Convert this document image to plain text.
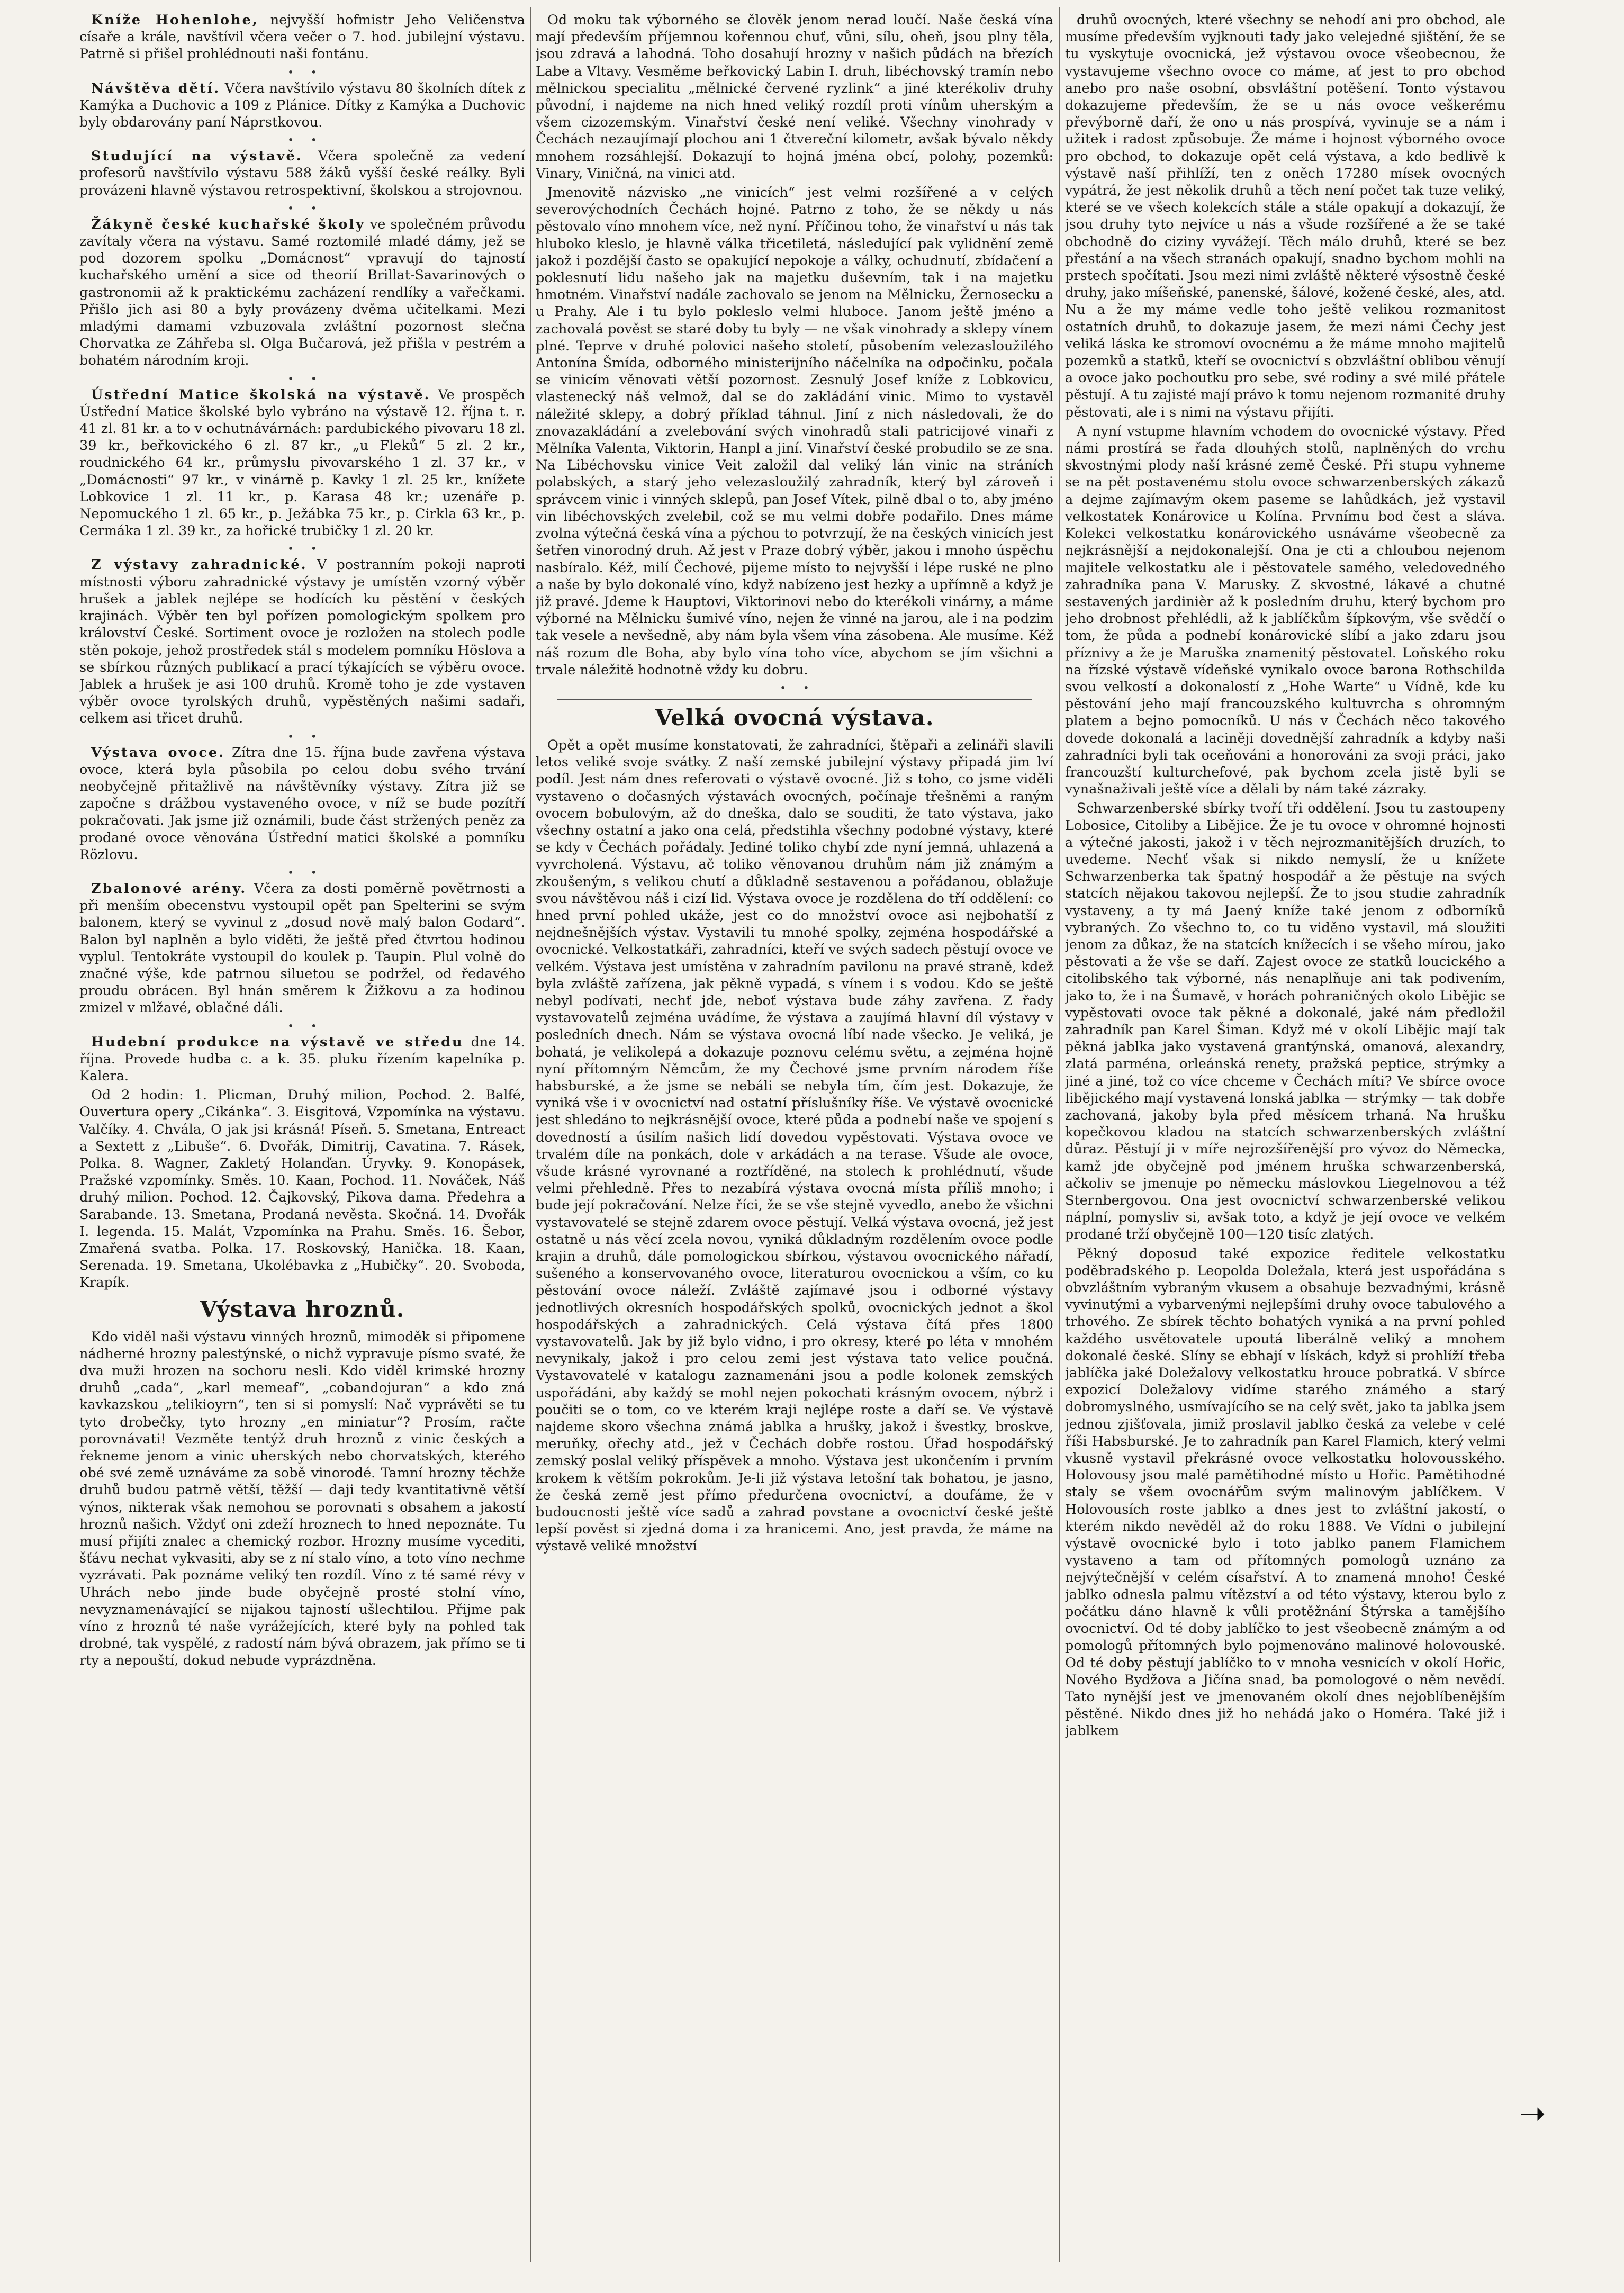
Kníže Hohenlohe, nejvyšší hofmistr Jeho Veličenstva císaře a krále, navštívil včera večer o 7. hod. jubilejní výstavu. Patrně si přišel prohlédnouti naši fontánu.

•     •

Návštěva dětí. Včera navštívilo výstavu 80 školních dítek z Kamýka a Duchovic a 109 z Plánice. Dítky z Kamýka a Duchovic byly obdarovány paní Náprstkovou.

•     •

Studující na výstavě. Včera společně za vedení profesorů navštívilo výstavu 588 žáků vyšší české reálky. Byli provázeni hlavně výstavou retrospektivní, školskou a strojovnou.

•     •

Žákyně české kuchařské školy ve společném průvodu zavítaly včera na výstavu. Samé roztomilé mladé dámy, jež se pod dozorem spolku „Domácnost“ vpravují do tajností kuchařského umění a sice od theorií Brillat-Savarinových o gastronomii až k praktickému zacházení rendlíky a vařečkami. Přišlo jich asi 80 a byly provázeny dvěma učitelkami. Mezi mladými damami vzbuzovala zvláštní pozornost slečna Chorvatka ze Záhřeba sl. Olga Bučarová, jež přišla v pestrém a bohatém národním kroji.

•     •

Ústřední Matice školská na výstavě. Ve prospěch Ústřední Matice školské bylo vybráno na výstavě 12. října t. r. 41 zl. 81 kr. a to v ochutnávárnách: pardubického pivovaru 18 zl. 39 kr., beřkovického 6 zl. 87 kr., „u Fleků“ 5 zl. 2 kr., roudnického 64 kr., průmyslu pivovarského 1 zl. 37 kr., v „Domácnosti“ 97 kr., v vinárně p. Kavky 1 zl. 25 kr., knížete Lobkovice 1 zl. 11 kr., p. Karasa 48 kr.; uzenáře p. Nepomuckého 1 zl. 65 kr., p. Ježábka 75 kr., p. Cirkla 63 kr., p. Cermáka 1 zl. 39 kr., za hořické trubičky 1 zl. 20 kr.

•     •

Z výstavy zahradnické. V postranním pokoji naproti místnosti výboru zahradnické výstavy je umístěn vzorný výběr hrušek a jablek nejlépe se hodících ku pěstění v českých krajinách. Výběr ten byl pořízen pomologickým spolkem pro království České. Sortiment ovoce je rozložen na stolech podle stěn pokoje, jehož prostředek stál s modelem pomníku Höslova a se sbírkou různých publikací a prací týkajících se výběru ovoce. Jablek a hrušek je asi 100 druhů. Kromě toho je zde vystaven výběr ovoce tyrolských druhů, vypěstěných našimi sadaři, celkem asi třicet druhů.

•     •

Výstava ovoce. Zítra dne 15. října bude zavřena výstava ovoce, která byla působila po celou dobu svého trvání neobyčejně přitažlivě na návštěvníky výstavy. Zítra již se započne s drážbou vystaveného ovoce, v níž se bude pozítří pokračovati. Jak jsme již oznámili, bude část stržených peněz za prodané ovoce věnována Ústřední matici školské a pomníku Rözlovu.

•     •

Zbalonové arény. Včera za dosti poměrně povětrnosti a při menším obecenstvu vystoupil opět pan Spelterini se svým balonem, který se vyvinul z „dosud nově malý balon Godard“. Balon byl naplněn a bylo viděti, že ještě před čtvrtou hodinou vyplul. Tentokráte vystoupil do koulek p. Taupin. Plul volně do značné výše, kde patrnou siluetou se podržel, od ředavého proudu obrácen. Byl hnán směrem k Žižkovu a za hodinou zmizel v mlžavé, oblačné dáli.

•     •

Hudební produkce na výstavě ve středu dne 14. října. Provede hudba c. a k. 35. pluku řízením kapelníka p. Kalera.

Od 2 hodin: 1. Plicman, Druhý milion, Pochod. 2. Balfé, Ouvertura opery „Cikánka“. 3. Eisgitová, Vzpomínka na výstavu. Valčíky. 4. Chvála, O jak jsi krásná! Píseň. 5. Smetana, Entreact a Sextett z „Libuše“. 6. Dvořák, Dimitrij, Cavatina. 7. Rásek, Polka. 8. Wagner, Zakletý Holanďan. Úryvky. 9. Konopásek, Pražské vzpomínky. Směs. 10. Kaan, Pochod. 11. Nováček, Náš druhý milion. Pochod. 12. Čajkovský, Pikova dama. Předehra a Sarabande. 13. Smetana, Prodaná nevěsta. Skočná. 14. Dvořák I. legenda. 15. Malát, Vzpomínka na Prahu. Směs. 16. Šebor, Zmařená svatba. Polka. 17. Roskovský, Hanička. 18. Kaan, Serenada. 19. Smetana, Ukolébavka z „Hubičky“. 20. Svoboda, Krapík.

Výstava hroznů.

Kdo viděl naši výstavu vinných hroznů, mimoděk si připomene nádherné hrozny palestýnské, o nichž vypravuje písmo svaté, že dva muži hrozen na sochoru nesli. Kdo viděl krimské hrozny druhů „cada“, „karl memeaf“, „cobandojuran“ a kdo zná kavkazskou „telikioyrn“, ten si si pomyslí: Nač vyprávěti se tu tyto drobečky, tyto hrozny „en miniatur“? Prosím, račte porovnávati! Vezměte tentýž druh hroznů z vinic českých a řekneme jenom a vinic uherských nebo chorvatských, kterého obé své země uznáváme za sobě vinorodé. Tamní hrozny těchže druhů budou patrně větší, těžší — daji tedy kvantitativně větší výnos, nikterak však nemohou se porovnati s obsahem a jakostí hroznů našich. Vždyť oni zdeží hroznech to hned nepoznáte. Tu musí přijíti znalec a chemický rozbor. Hrozny musíme vycediti, šťávu nechat vykvasiti, aby se z ní stalo víno, a toto víno nechme vyzrávati. Pak poznáme veliký ten rozdíl. Víno z té samé révy v Uhrách nebo jinde bude obyčejně prosté stolní víno, nevyznamenávající se nijakou tajností ušlechtilou. Přijme pak víno z hroznů té naše vyrážejících, které byly na pohled tak drobné, tak vyspělé, z radostí nám bývá obrazem, jak přímo se ti rty a nepouští, dokud nebude vyprázdněna.

Od moku tak výborného se člověk jenom nerad loučí. Naše česká vína mají především příjemnou kořennou chuť, vůni, sílu, oheň, jsou plny těla, jsou zdravá a lahodná. Toho dosahují hrozny v našich půdách na březích Labe a Vltavy. Vesměme beřkovický Labin I. druh, libéchovský tramín nebo mělnickou specialitu „mělnické červené ryzlink“ a jiné kterékoliv druhy původní, i najdeme na nich hned veliký rozdíl proti vínům uherským a všem cizozemským. Vinařství české není veliké. Všechny vinohrady v Čechách nezaujímají plochou ani 1 čtvereční kilometr, avšak bývalo někdy mnohem rozsáhlejší. Dokazují to hojná jména obcí, polohy, pozemků: Vinary, Viničná, na vinici atd.

Jmenovitě názvisko „ne vinicích“ jest velmi rozšířené a v celých severovýchodních Čechách hojné. Patrno z toho, že se někdy u nás pěstovalo víno mnohem více, než nyní. Příčinou toho, že vinařství u nás tak hluboko kleslo, je hlavně válka třicetiletá, následující pak vylidnění země jakož i pozdější často se opakující nepokoje a války, ochudnutí, zbídačení a poklesnutí lidu našeho jak na majetku duševním, tak i na majetku hmotném. Vinařství nadále zachovalo se jenom na Mělnicku, Žernosecku a u Prahy. Ale i tu bylo pokleslo velmi hluboce. Janom ještě jméno a zachovalá pověst se staré doby tu byly — ne však vinohrady a sklepy vínem plné. Teprve v druhé polovici našeho století, působením velezasloužilého Antonína Šmída, odborného ministerijního náčelníka na odpočinku, počala se vinicím věnovati větší pozornost. Zesnulý Josef kníže z Lobkovicu, vlastenecký náš velmož, dal se do zakládání vinic. Mimo to vystavěl náležité sklepy, a dobrý příklad táhnul. Jiní z nich následovali, že do znovazakládání a zvelebování svých vinohradů stali patricijové vinaři z Mělníka Valenta, Viktorin, Hanpl a jiní. Vinařství české probudilo se ze sna. Na Libéchovsku vinice Veit založil dal veliký lán vinic na stráních polabských, a starý jeho velezasloužilý zahradník, který byl zároveň i správcem vinic i vinných sklepů, pan Josef Vítek, pilně dbal o to, aby jméno vin libéchovských zvelebil, což se mu velmi dobře podařilo. Dnes máme zvolna výtečná česká vína a pýchou to potvrzují, že na českých vinicích jest šetřen vinorodný druh. Až jest v Praze dobrý výběr, jakou i mnoho úspěchu nasbíralo. Kéž, milí Čechové, pijeme místo to nejvyšší i lépe ruské ne plno a naše by bylo dokonalé víno, když nabízeno jest hezky a upřímně a když je již pravé. Jdeme k Hauptovi, Viktorinovi nebo do kterékoli vinárny, a máme výborné na Mělnicku šumivé víno, nejen že vinné na jarou, ale i na podzim tak vesele a nevšedně, aby nám byla všem vína zásobena. Ale musíme. Kéž náš rozum dle Boha, aby bylo vína toho více, abychom se jím všichni a trvale náležitě hodnotně vždy ku dobru.

•     •
Velká ovocná výstava.

Opět a opět musíme konstatovati, že zahradníci, štěpaři a zelináři slavili letos veliké svoje svátky. Z naší zemské jubilejní výstavy připadá jim lví podíl. Jest nám dnes referovati o výstavě ovocné. Již s toho, co jsme viděli vystaveno o dočasných výstavách ovocných, počínaje třešněmi a raným ovocem bobulovým, až do dneška, dalo se souditi, že tato výstava, jako všechny ostatní a jako ona celá, předstihla všechny podobné výstavy, které se kdy v Čechách pořádaly. Jediné toliko chybí zde nyní jemná, uhlazená a vyvrcholená. Výstavu, ač toliko věnovanou druhům nám již známým a zkoušeným, s velikou chutí a důkladně sestavenou a pořádanou, oblažuje svou návštěvou náš i cizí lid. Výstava ovoce je rozdělena do tří oddělení: co hned první pohled ukáže, jest co do množství ovoce asi nejbohatší z nejdnešnějších výstav. Vystavili tu mnohé spolky, zejména hospodářské a ovocnické. Velkostatkáři, zahradníci, kteří ve svých sadech pěstují ovoce ve velkém. Výstava jest umístěna v zahradním pavilonu na pravé straně, kdež byla zvláště zařízena, jak pěkně vypadá, s vínem i s vodou. Kdo se ještě nebyl podívati, nechť jde, neboť výstava bude záhy zavřena. Z řady vystavovatelů zejména uvádíme, že výstava a zaujímá hlavní díl výstavy v posledních dnech. Nám se výstava ovocná líbí nade všecko. Je veliká, je bohatá, je velikolepá a dokazuje poznovu celému světu, a zejména hojně nyní přítomným Němcům, že my Čechové jsme prvním národem říše habsburské, a že jsme se nebáli se nebyla tím, čím jest. Dokazuje, že vyniká vše i v ovocnictví nad ostatní příslušníky říše. Ve výstavě ovocnické jest shledáno to nejkrásnější ovoce, které půda a podnebí naše ve spojení s dovedností a úsilím našich lidí dovedou vypěstovati. Výstava ovoce ve trvalém díle na ponkách, dole v arkádách a na terase. Všude ale ovoce, všude krásné vyrovnané a roztříděné, na stolech k prohlédnutí, všude velmi přehledně. Přes to nezabírá výstava ovocná místa příliš mnoho; i bude její pokračování. Nelze říci, že se vše stejně vyvedlo, anebo že všichni vystavovatelé se stejně zdarem ovoce pěstují. Velká výstava ovocná, jež jest ostatně u nás věcí zcela novou, vyniká důkladným rozdělením ovoce podle krajin a druhů, dále pomologickou sbírkou, výstavou ovocnického nářadí, sušeného a konservovaného ovoce, literaturou ovocnickou a vším, co ku pěstování ovoce náleží. Zvláště zajímavé jsou i odborné výstavy jednotlivých okresních hospodářských spolků, ovocnických jednot a škol hospodářských a zahradnických. Celá výstava čítá přes 1800 vystavovatelů. Jak by již bylo vidno, i pro okresy, které po léta v mnohém nevynikaly, jakož i pro celou zemi jest výstava tato velice poučná. Vystavovatelé v katalogu zaznamenáni jsou a podle kolonek zemských uspořádáni, aby každý se mohl nejen pokochati krásným ovocem, nýbrž i poučiti se o tom, co ve kterém kraji nejlépe roste a daří se. Ve výstavě najdeme skoro všechna známá jablka a hrušky, jakož i švestky, broskve, meruňky, ořechy atd., jež v Čechách dobře rostou. Úřad hospodářský zemský poslal veliký příspěvek a mnoho. Výstava jest ukončením i prvním krokem k větším pokrokům. Je-li již výstava letošní tak bohatou, je jasno, že česká země jest přímo předurčena ovocnictví, a doufáme, že v budoucnosti ještě více sadů a zahrad povstane a ovocnictví české ještě lepší pověst si zjedná doma i za hranicemi. Ano, jest pravda, že máme na výstavě veliké množství

druhů ovocných, které všechny se nehodí ani pro obchod, ale musíme především vyjknouti tady jako velejedné sjištění, že se tu vyskytuje ovocnická, jež výstavou ovoce všeobecnou, že vystavujeme všechno ovoce co máme, ať jest to pro obchod anebo pro naše osobní, obsvláštní potěšení. Tonto výstavou dokazujeme především, že se u nás ovoce veškerému převýborně daří, že ono u nás prospívá, vyvinuje se a nám i užitek i radost způsobuje. Že máme i hojnost výborného ovoce pro obchod, to dokazuje opět celá výstava, a kdo bedlivě k výstavě naší přihlíží, ten z oněch 17280 mísek ovocných vypátrá, že jest několik druhů a těch není počet tak tuze veliký, které se ve všech kolekcích stále a stále opakují a dokazují, že jsou druhy tyto nejvíce u nás a všude rozšířené a že se také obchodně do ciziny vyvážejí. Těch málo druhů, které se bez přestání a na všech stranách opakují, snadno bychom mohli na prstech spočítati. Jsou mezi nimi zvláště některé výsostně české druhy, jako míšeňské, panenské, šálové, kožené české, ales, atd. Nu a že my máme vedle toho ještě velikou rozmanitost ostatních druhů, to dokazuje jasem, že mezi námi Čechy jest veliká láska ke stromoví ovocnému a že máme mnoho majitelů pozemků a statků, kteří se ovocnictví s obzvláštní oblibou věnují a ovoce jako pochoutku pro sebe, své rodiny a své milé přátele pěstují. A tu zajisté mají právo k tomu nejenom rozmanité druhy pěstovati, ale i s nimi na výstavu přijíti.

A nyní vstupme hlavním vchodem do ovocnické výstavy. Před námi prostírá se řada dlouhých stolů, naplněných do vrchu skvostnými plody naší krásné země České. Při stupu vyhneme se na pět postavenému stolu ovoce schwarzenberských zákazů a dejme zajímavým okem paseme se lahůdkách, jež vystavil velkostatek Konárovice u Kolína. Prvnímu bod čest a sláva. Kolekci velkostatku konárovického usnáváme všeobecně za nejkrásnější a nejdokonalejší. Ona je cti a chloubou nejenom majitele velkostatku ale i pěstovatele samého, veledovedného zahradníka pana V. Marusky. Z skvostné, lákavé a chutné sestavených jardinièr až k posledním druhu, který bychom pro jeho drobnost přehlédli, až k jablíčkům šípkovým, vše svědčí o tom, že půda a podnebí konárovické slíbí a jako zdaru jsou příznivy a že je Maruška znamenitý pěstovatel. Loňského roku na řízské výstavě vídeňské vynikalo ovoce barona Rothschilda svou velkostí a dokonalostí z „Hohe Warte“ u Vídně, kde ku pěstování jeho mají francouzského kultuvrcha s ohromným platem a bejno pomocníků. U nás v Čechách něco takového dovede dokonalá a laciněji dovednější zahradník a kdyby naši zahradníci byli tak oceňováni a honorováni za svoji práci, jako francouzští kulturchefové, pak bychom zcela jistě byli se vynašnaživali ještě více a dělali by nám také zázraky.

Schwarzenberské sbírky tvoří tři oddělení. Jsou tu zastoupeny Lobosice, Citoliby a Libějice. Že je tu ovoce v ohromné hojnosti a výtečné jakosti, jakož i v těch nejrozmanitějších druzích, to uvedeme. Nechť však si nikdo nemyslí, že u knížete Schwarzenberka tak špatný hospodář a že pěstuje na svých statcích nějakou takovou nejlepší. Že to jsou studie zahradník vystaveny, a ty má Jaený kníže také jenom z odborníků vybraných. Zo všechno to, co tu viděno vystavil, má sloužiti jenom za důkaz, že na statcích knížecích i se všeho mírou, jako pěstovati a že vše se daří. Zajest ovoce ze statků loucického a citolibského tak výborné, nás nenaplňuje ani tak podivením, jako to, že i na Šumavě, v horách pohraničných okolo Libějic se vypěstovati ovoce tak pěkné a dokonalé, jaké nám předložil zahradník pan Karel Šiman. Když mé v okolí Libějic mají tak pěkná jablka jako vystavená grantýnská, omanová, alexandry, zlatá parména, orleánská renety, pražská peptice, strýmky a jiné a jiné, tož co více chceme v Čechách míti? Ve sbírce ovoce libějického mají vystavená lonská jablka — strýmky — tak dobře zachovaná, jakoby byla před měsícem trhaná. Na hrušku kopečkovou kladou na statcích schwarzenberských zvláštní důraz. Pěstují ji v míře nejrozšířenější pro vývoz do Německa, kamž jde obyčejně pod jménem hruška schwarzenberská, ačkoliv se jmenuje po německu máslovkou Liegelnovou a též Sternbergovou. Ona jest ovocnictví schwarzenberské velikou náplní, pomysliv si, avšak toto, a když je její ovoce ve velkém prodané trží obyčejně 100—120 tisíc zlatých.

Pěkný doposud také expozice ředitele velkostatku poděbradského p. Leopolda Doležala, která jest uspořádána s obvzláštním vybraným vkusem a obsahuje bezvadnými, krásně vyvinutými a vybarvenými nejlepšími druhy ovoce tabulového a trhového. Ze sbírek těchto bohatých vyniká a na první pohled každého usvětovatele upoutá liberálně veliký a mnohem dokonalé české. Slíny se ebhají v lískách, když si prohlíží třeba jablíčka jaké Doležalovy velkostatku hrouce pobratká. V sbírce expozicí Doležalovy vidíme starého známého a starý dobromyslného, usmívajícího se na celý svět, jako ta jablka jsem jednou zjišťovala, jimiž proslavil jablko česká za velebe v celé říši Habsburské. Je to zahradník pan Karel Flamich, který velmi vkusně vystavil překrásné ovoce velkostatku holovousského. Holovousy jsou malé pamětihodné místo u Hořic. Pamětihodné staly se všem ovocnářům svým malinovým jablíčkem. V Holovousích roste jablko a dnes jest to zvláštní jakostí, o kterém nikdo nevěděl až do roku 1888. Ve Vídni o jubilejní výstavě ovocnické bylo i toto jablko panem Flamichem vystaveno a tam od přítomných pomologů uznáno za nejvýtečnější v celém císařství. A to znamená mnoho! České jablko odnesla palmu vítězství a od této výstavy, kterou bylo z počátku dáno hlavně k vůli protěžnání Štýrska a tamějšího ovocnictví. Od té doby jablíčko to jest všeobecně známým a od pomologů přítomných bylo pojmenováno malinové holovouské. Od té doby pěstují jablíčko to v mnoha vesnicích v okolí Hořic, Nového Bydžova a Jičína snad, ba pomologové o něm nevědí. Tato nynější jest ve jmenovaném okolí dnes nejoblíbenějším pěstěné. Nikdo dnes již ho nehádá jako o Homéra. Také již i jablkem

➝
